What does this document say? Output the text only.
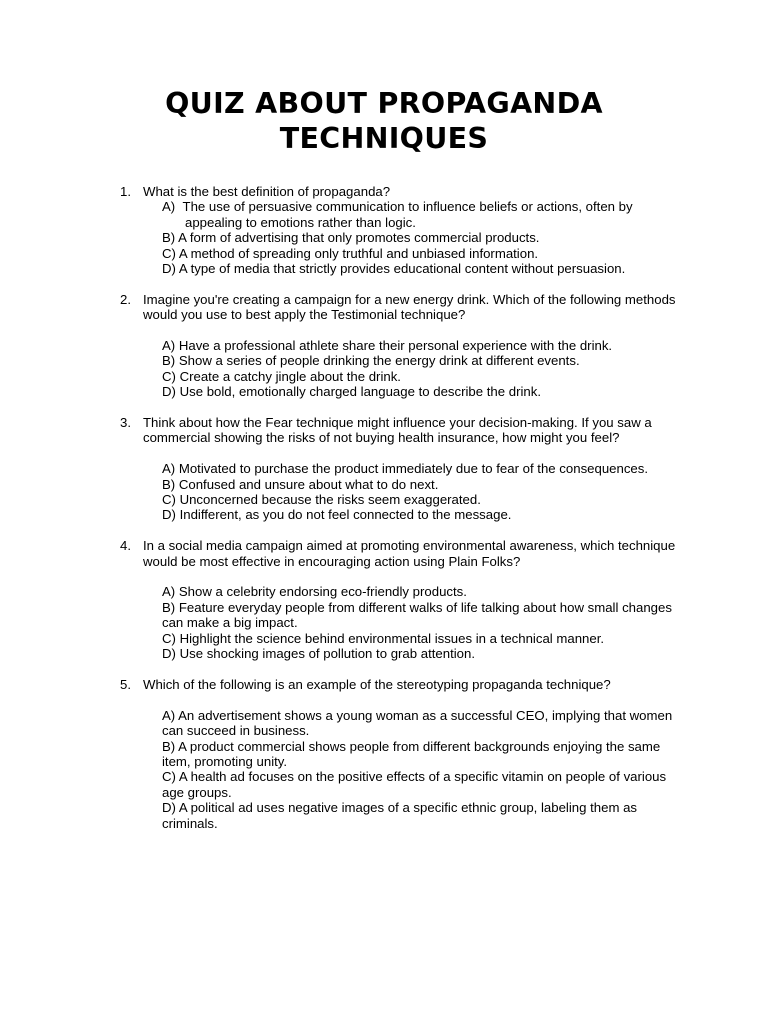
QUIZ ABOUT PROPAGANDA
TECHNIQUES
1. What is the best definition of propaganda?
A)  The use of persuasive communication to influence beliefs or actions, often by appealing to emotions rather than logic.
B) A form of advertising that only promotes commercial products.
C) A method of spreading only truthful and unbiased information.
D) A type of media that strictly provides educational content without persuasion.
2. Imagine you're creating a campaign for a new energy drink. Which of the following methods would you use to best apply the Testimonial technique?
A) Have a professional athlete share their personal experience with the drink.
B) Show a series of people drinking the energy drink at different events.
C) Create a catchy jingle about the drink.
D) Use bold, emotionally charged language to describe the drink.
3. Think about how the Fear technique might influence your decision-making. If you saw a commercial showing the risks of not buying health insurance, how might you feel?
A) Motivated to purchase the product immediately due to fear of the consequences.
B) Confused and unsure about what to do next.
C) Unconcerned because the risks seem exaggerated.
D) Indifferent, as you do not feel connected to the message.
4. In a social media campaign aimed at promoting environmental awareness, which technique would be most effective in encouraging action using Plain Folks?
A) Show a celebrity endorsing eco-friendly products.
B) Feature everyday people from different walks of life talking about how small changes can make a big impact.
C) Highlight the science behind environmental issues in a technical manner.
D) Use shocking images of pollution to grab attention.
5. Which of the following is an example of the stereotyping propaganda technique?
A) An advertisement shows a young woman as a successful CEO, implying that women can succeed in business.
B) A product commercial shows people from different backgrounds enjoying the same item, promoting unity.
C) A health ad focuses on the positive effects of a specific vitamin on people of various age groups.
D) A political ad uses negative images of a specific ethnic group, labeling them as criminals.
